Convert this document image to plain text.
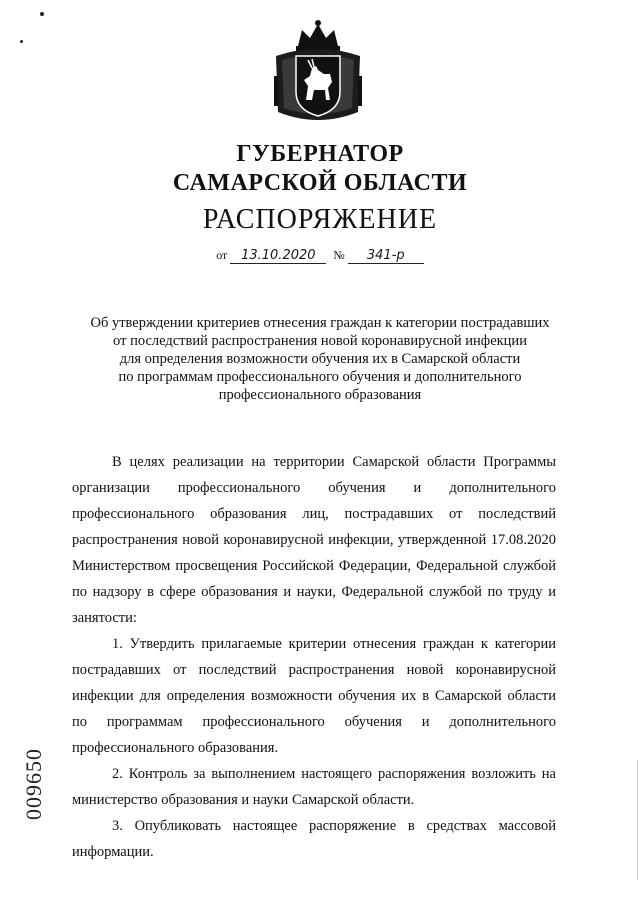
ГУБЕРНАТОР
САМАРСКОЙ ОБЛАСТИ
РАСПОРЯЖЕНИЕ
от 13.10.2020 № 341-р
Об утверждении критериев отнесения граждан к категории пострадавших
от последствий распространения новой коронавирусной инфекции
для определения возможности обучения их в Самарской области
по программам профессионального обучения и дополнительного
профессионального образования

В целях реализации на территории Самарской области Программы организации профессионального обучения и дополнительного профессионального образования лиц, пострадавших от последствий распространения новой коронавирусной инфекции, утвержденной 17.08.2020 Министерством просвещения Российской Федерации, Федеральной службой по надзору в сфере образования и науки, Федеральной службой по труду и занятости:

1. Утвердить прилагаемые критерии отнесения граждан к категории пострадавших от последствий распространения новой коронавирусной инфекции для определения возможности обучения их в Самарской области по программам профессионального обучения и дополнительного профессионального образования.

2. Контроль за выполнением настоящего распоряжения возложить на министерство образования и науки Самарской области.

3. Опубликовать настоящее распоряжение в средствах массовой информации.

009650
